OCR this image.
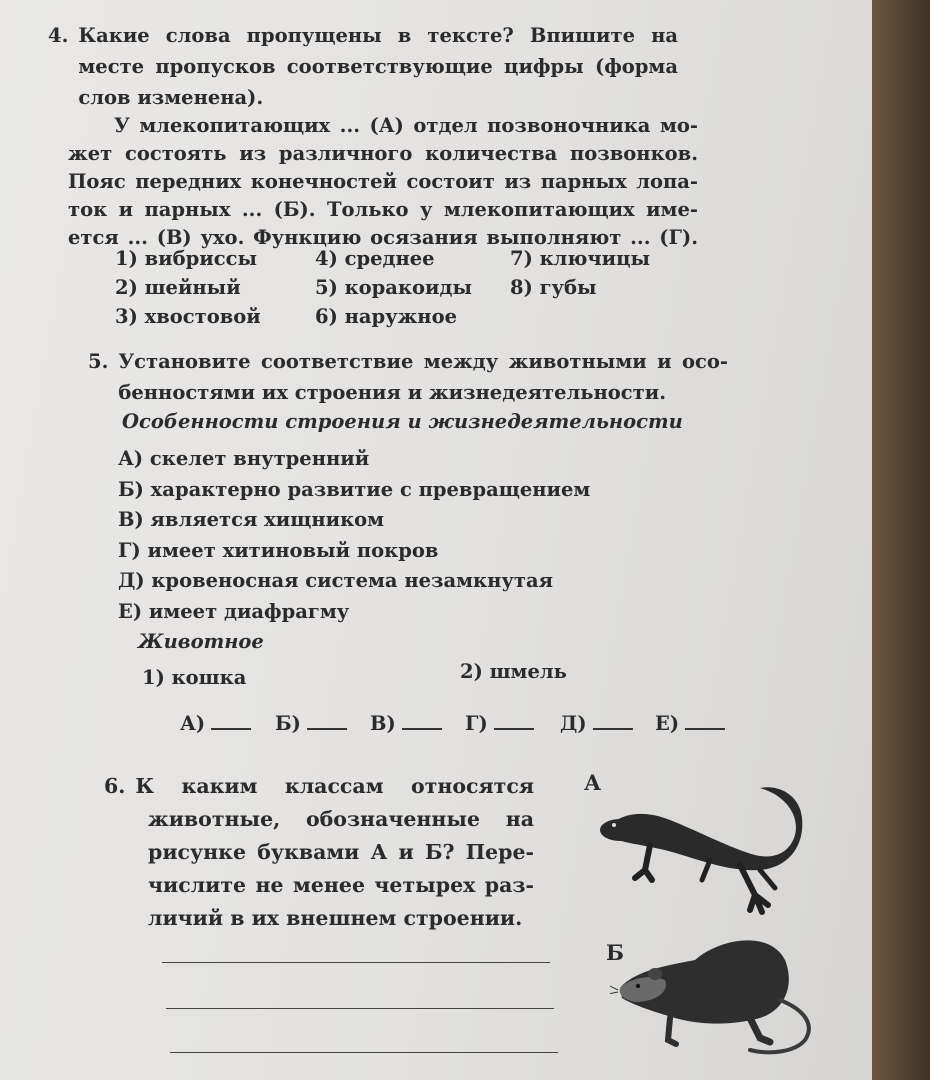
4. Какие слова пропущены в тексте? Впишите на
месте пропусков соответствующие цифры (форма
слов изменена).
У млекопитающих ... (А) отдел позвоночника мо-
жет состоять из различного количества позвонков.
Пояс передних конечностей состоит из парных лопа-
ток и парных ... (Б). Только у млекопитающих име-
ется ... (В) ухо. Функцию осязания выполняют ... (Г).
1) вибриссы	4) среднее	7) ключицы
2) шейный	5) коракоиды	8) губы
3) хвостовой	6) наружное
5. Установите соответствие между животными и осо-
бенностями их строения и жизнедеятельности.
Особенности строения и жизнедеятельности
А) скелет внутренний
Б) характерно развитие с превращением
В) является хищником
Г) имеет хитиновый покров
Д) кровеносная система незамкнутая
Е) имеет диафрагму
Животное
1) кошка	2) шмель
А)	Б)	В)	Г)	Д)	Е)
6. К каким классам относятся
животные, обозначенные на
рисунке буквами А и Б? Пере-
числите не менее четырех раз-
личий в их внешнем строении.
А
Б
